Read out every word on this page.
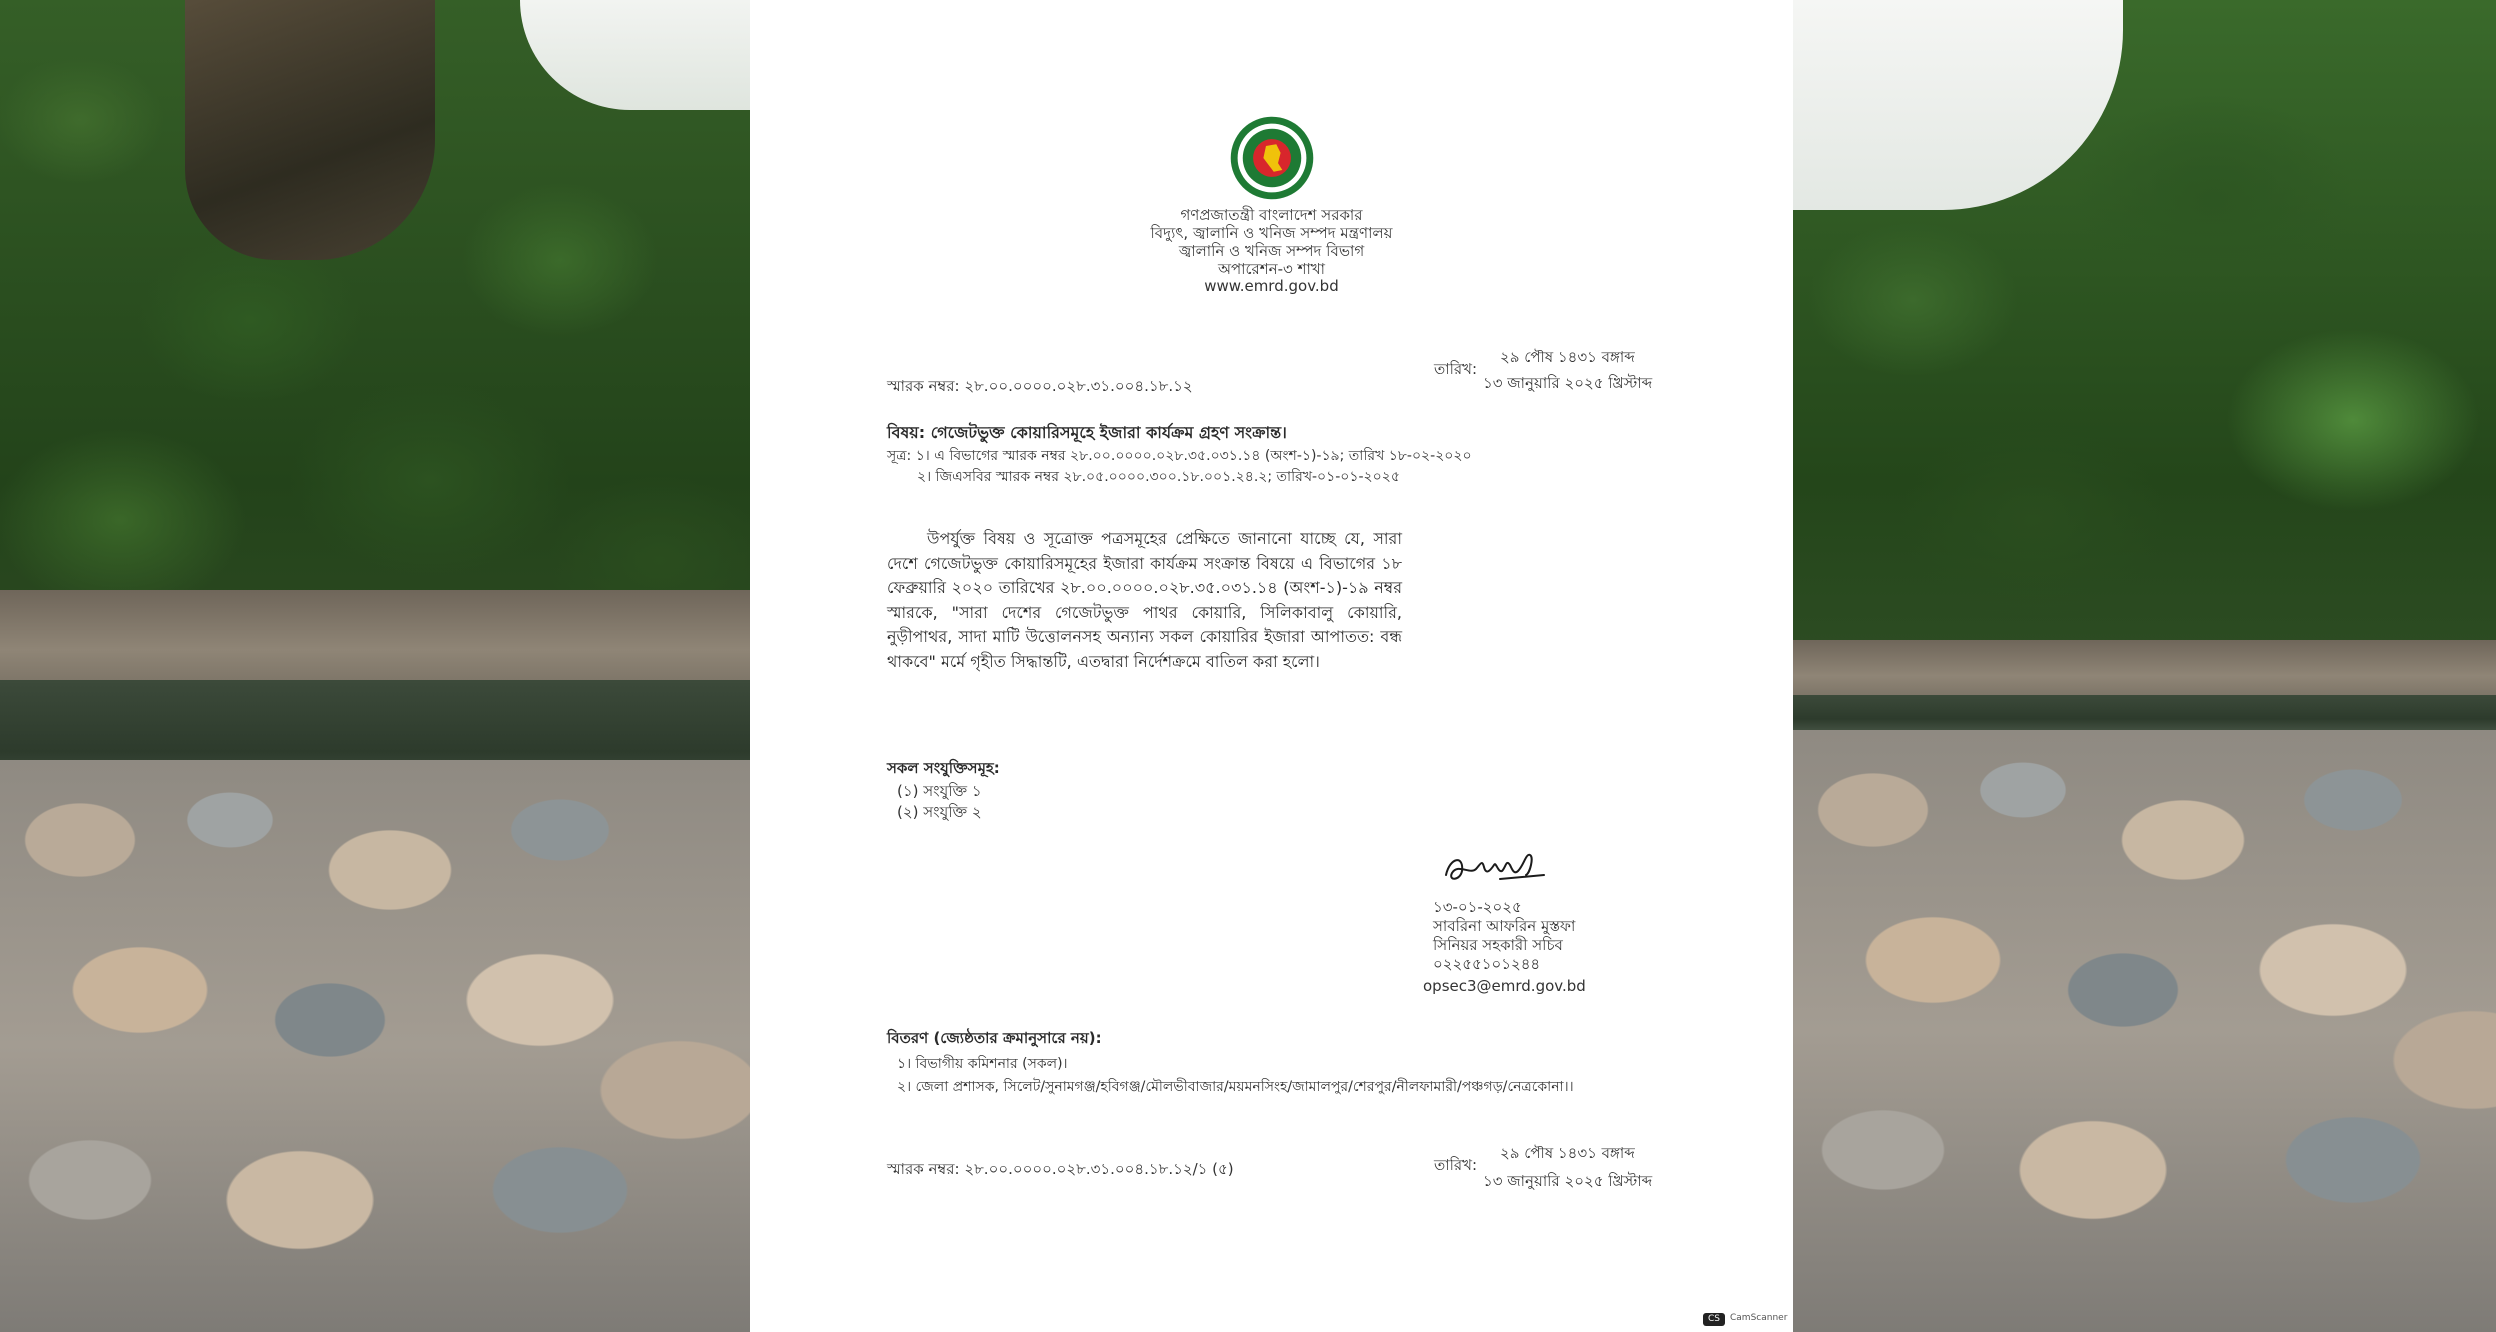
গণপ্রজাতন্ত্রী বাংলাদেশ সরকার
বিদ্যুৎ, জ্বালানি ও খনিজ সম্পদ মন্ত্রণালয়
জ্বালানি ও খনিজ সম্পদ বিভাগ
অপারেশন-৩ শাখা
www.emrd.gov.bd
২৯ পৌষ ১৪৩১ বঙ্গাব্দ
তারিখ:
১৩ জানুয়ারি ২০২৫ খ্রিস্টাব্দ
স্মারক নম্বর: ২৮.০০.০০০০.০২৮.৩১.০০৪.১৮.১২
বিষয়: গেজেটভুক্ত কোয়ারিসমূহে ইজারা কার্যক্রম গ্রহণ সংক্রান্ত।
সূত্র: ১। এ বিভাগের স্মারক নম্বর ২৮.০০.০০০০.০২৮.৩৫.০৩১.১৪ (অংশ-১)-১৯; তারিখ ১৮-০২-২০২০
২। জিএসবির স্মারক নম্বর ২৮.০৫.০০০০.৩০০.১৮.০০১.২৪.২; তারিখ-০১-০১-২০২৫
উপর্যুক্ত বিষয় ও সূত্রোক্ত পত্রসমূহের প্রেক্ষিতে জানানো যাচ্ছে যে, সারা দেশে গেজেটভুক্ত কোয়ারিসমূহের ইজারা কার্যক্রম সংক্রান্ত বিষয়ে এ বিভাগের ১৮ ফেব্রুয়ারি ২০২০ তারিখের ২৮.০০.০০০০.০২৮.৩৫.০৩১.১৪ (অংশ-১)-১৯ নম্বর স্মারকে, "সারা দেশের গেজেটভুক্ত পাথর কোয়ারি, সিলিকাবালু কোয়ারি, নুড়ীপাথর, সাদা মাটি উত্তোলনসহ অন্যান্য সকল কোয়ারির ইজারা আপাতত: বন্ধ থাকবে" মর্মে গৃহীত সিদ্ধান্তটি, এতদ্বারা নির্দেশক্রমে বাতিল করা হলো।
সকল সংযুক্তিসমূহ:
(১) সংযুক্তি ১
(২) সংযুক্তি ২
১৩-০১-২০২৫
সাবরিনা আফরিন মুস্তফা
সিনিয়র সহকারী সচিব
০২২৫৫১০১২৪৪
opsec3@emrd.gov.bd
বিতরণ (জ্যেষ্ঠতার ক্রমানুসারে নয়):
১। বিভাগীয় কমিশনার (সকল)।
২। জেলা প্রশাসক, সিলেট/সুনামগঞ্জ/হবিগঞ্জ/মৌলভীবাজার/ময়মনসিংহ/জামালপুর/শেরপুর/নীলফামারী/পঞ্চগড়/নেত্রকোনা।।
২৯ পৌষ ১৪৩১ বঙ্গাব্দ
তারিখ:
১৩ জানুয়ারি ২০২৫ খ্রিস্টাব্দ
স্মারক নম্বর: ২৮.০০.০০০০.০২৮.৩১.০০৪.১৮.১২/১ (৫)
CS	CamScanner
